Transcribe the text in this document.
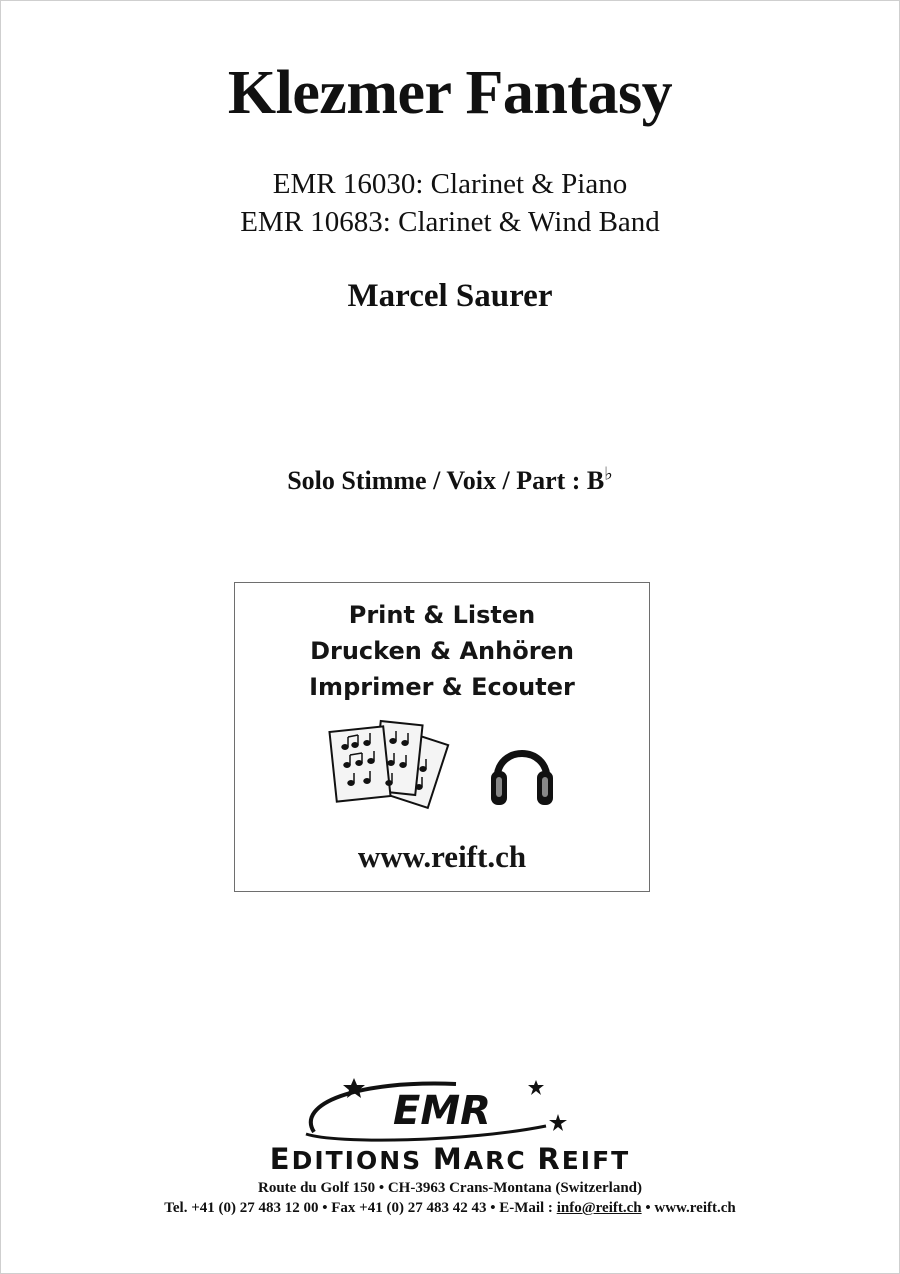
Klezmer Fantasy
EMR 16030: Clarinet & Piano
EMR 10683: Clarinet & Wind Band
Marcel Saurer
Solo Stimme / Voix / Part : B♭
Print & Listen
Drucken & Anhören
Imprimer & Ecouter
www.reift.ch
EMR
EDITIONS MARC REIFT
Route du Golf 150 • CH-3963 Crans-Montana (Switzerland)
Tel. +41 (0) 27 483 12 00 • Fax +41 (0) 27 483 42 43 • E-Mail : info@reift.ch • www.reift.ch
